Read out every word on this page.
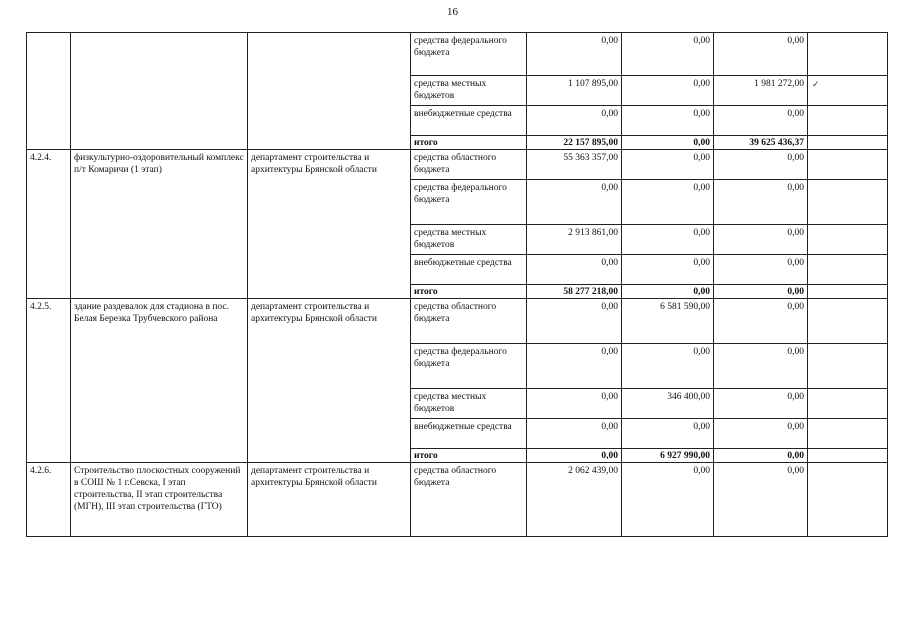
16
			средства федерального бюджета	0,00	0,00	0,00	
			средства местных бюджетов	1 107 895,00	0,00	1 981 272,00	✓
			внебюджетные средства	0,00	0,00	0,00	
			итого	22 157 895,00	0,00	39 625 436,37	
4.2.4.	физкультурно-оздоровительный комплекс п/т Комаричи (1 этап)	департамент строительства и архитектуры Брянской области	средства областного бюджета	55 363 357,00	0,00	0,00	
			средства федерального бюджета	0,00	0,00	0,00	
			средства местных бюджетов	2 913 861,00	0,00	0,00	
			внебюджетные средства	0,00	0,00	0,00	
			итого	58 277 218,00	0,00	0,00	
4.2.5.	здание раздевалок для стадиона в пос. Белая Березка Трубчевского района	департамент строительства и архитектуры Брянской области	средства областного бюджета	0,00	6 581 590,00	0,00	
			средства федерального бюджета	0,00	0,00	0,00	
			средства местных бюджетов	0,00	346 400,00	0,00	
			внебюджетные средства	0,00	0,00	0,00	
			итого	0,00	6 927 990,00	0,00	
4.2.6.	Строительство плоскостных сооружений в СОШ № 1 г.Севска, I этап строительства, II этап строительства (МГН), III этап строительства (ГТО)	департамент строительства и архитектуры Брянской области	средства областного бюджета	2 062 439,00	0,00	0,00	
